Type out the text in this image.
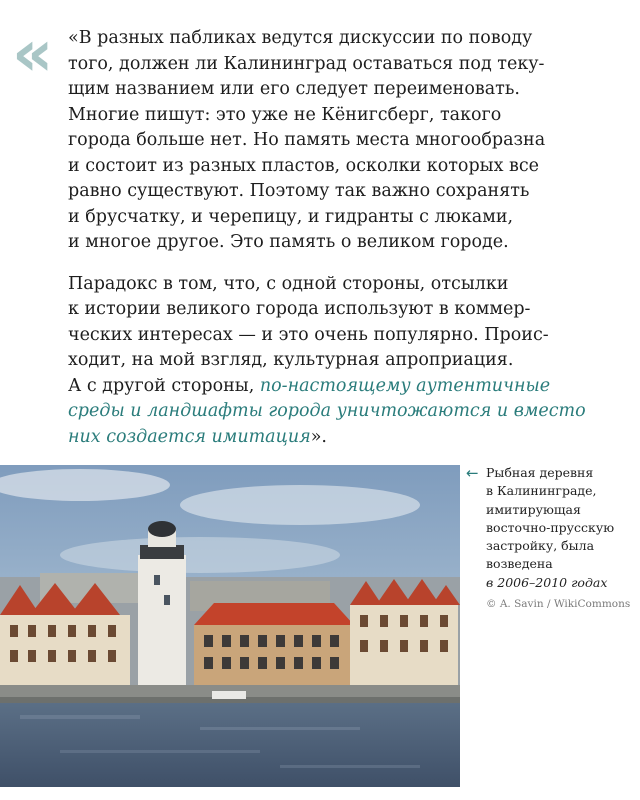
« «В разных пабликах ведутся дискуссии по поводу
того, должен ли Калининград оставаться под теку-
щим названием или его следует переименовать.
Многие пишут: это уже не Кёнигсберг, такого
города больше нет. Но память места многообразна
и состоит из разных пластов, осколки которых все
равно существуют. Поэтому так важно сохранять
и брусчатку, и черепицу, и гидранты с люками,
и многое другое. Это память о великом городе.

Парадокс в том, что, с одной стороны, отсылки
к истории великого города используют в коммер-
ческих интересах — и это очень популярно. Проис-
ходит, на мой взгляд, культурная апроприация.
А с другой стороны, по-настоящему аутентичные
среды и ландшафты города уничтожаются и вместо
них создается имитация».

← Рыбная деревня
в Калининграде,
имитирующая
восточно-прусскую
застройку, была
возведена
в 2006–2010 годах
© A. Savin / WikiCommons
